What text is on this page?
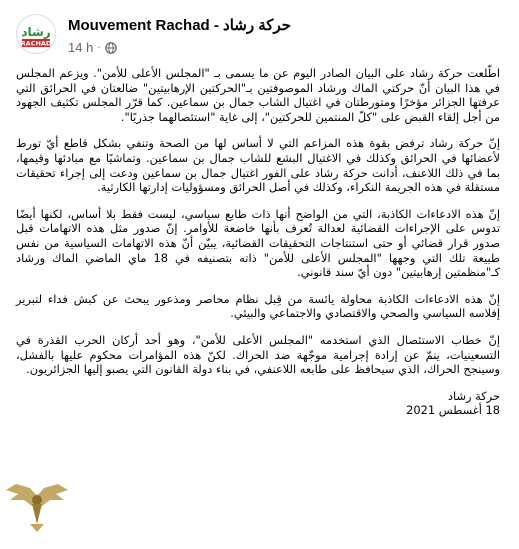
رشاد
RACHAD
Mouvement Rachad - حركة رشاد
14 h ·

اطّلعت حركة رشاد على البيان الصادر اليوم عن ما يسمى بـ "المجلس الأعلى للأمن". ويزعم المجلس في هذا البيان أنّ حركتي الماك ورشاد الموصوفتين بـ"الحركتين الإرهابيتين" ضالعتان في الحرائق التي عرفتها الجزائر مؤخرًا ومتورطتان في اغتيال الشاب جمال بن سماعين. كما قرّر المجلس تكثيف الجهود من أجل إلقاء القبض على "كلّ المنتمين للحركتين"، إلى غاية "استئصالهما جذريًا".

إنّ حركة رشاد ترفض بقوة هذه المزاعم التي لا أساس لها من الصحة وتنفي بشكل قاطع أيّ تورط لأعضائها في الحرائق وكذلك في الاغتيال البشع للشاب جمال بن سماعين. وتماشيًا مع مبادئها وقيمها، بما في ذلك اللاعنف، أدانت حركة رشاد على الفور اغتيال جمال بن سماعين ودعت إلى إجراء تحقيقات مستقلة في هذه الجريمة النكراء، وكذلك في أصل الحرائق ومسؤوليات إدارتها الكارثية.

إنّ هذه الادعاءات الكاذبة، التي من الواضح أنها ذات طابع سياسي، ليست فقط بلا أساس، لكنها أيضًا تدوس على الإجراءات القضائية لعدالة تُعرف بأنها خاضعة للأوامر. إنّ صدور مثل هذه الاتهامات قبل صدور قرار قضائي أو حتى استنتاجات التحقيقات القضائية، يبيّن أنّ هذه الاتهامات السياسية من نفس طبيعة تلك التي وجهها "المجلس الأعلى للأمن" ذاته بتصنيفه في 18 ماي الماضي الماك ورشاد كـ"منظمتين إرهابيتين" دون أيّ سند قانوني.

إنّ هذه الادعاءات الكاذبة محاولة يائسة من قِبل نظام محاصر ومذعور يبحث عن كبش فداء لتبرير إفلاسه السياسي والصحي والاقتصادي والاجتماعي والبيئي.

إنّ خطاب الاستئصال الذي استخدمه "المجلس الأعلى للأمن"، وهو أحد أركان الحرب القذرة في التسعينيات، ينمّ عن إرادة إجرامية موجّهة ضد الحراك. لكنّ هذه المؤامرات محكوم عليها بالفشل، وسينجح الحراك، الذي سيحافظ على طابعه اللاعنفي، في بناء دولة القانون التي يصبو إليها الجزائريون.

حركة رشاد

18 أغسطس 2021
